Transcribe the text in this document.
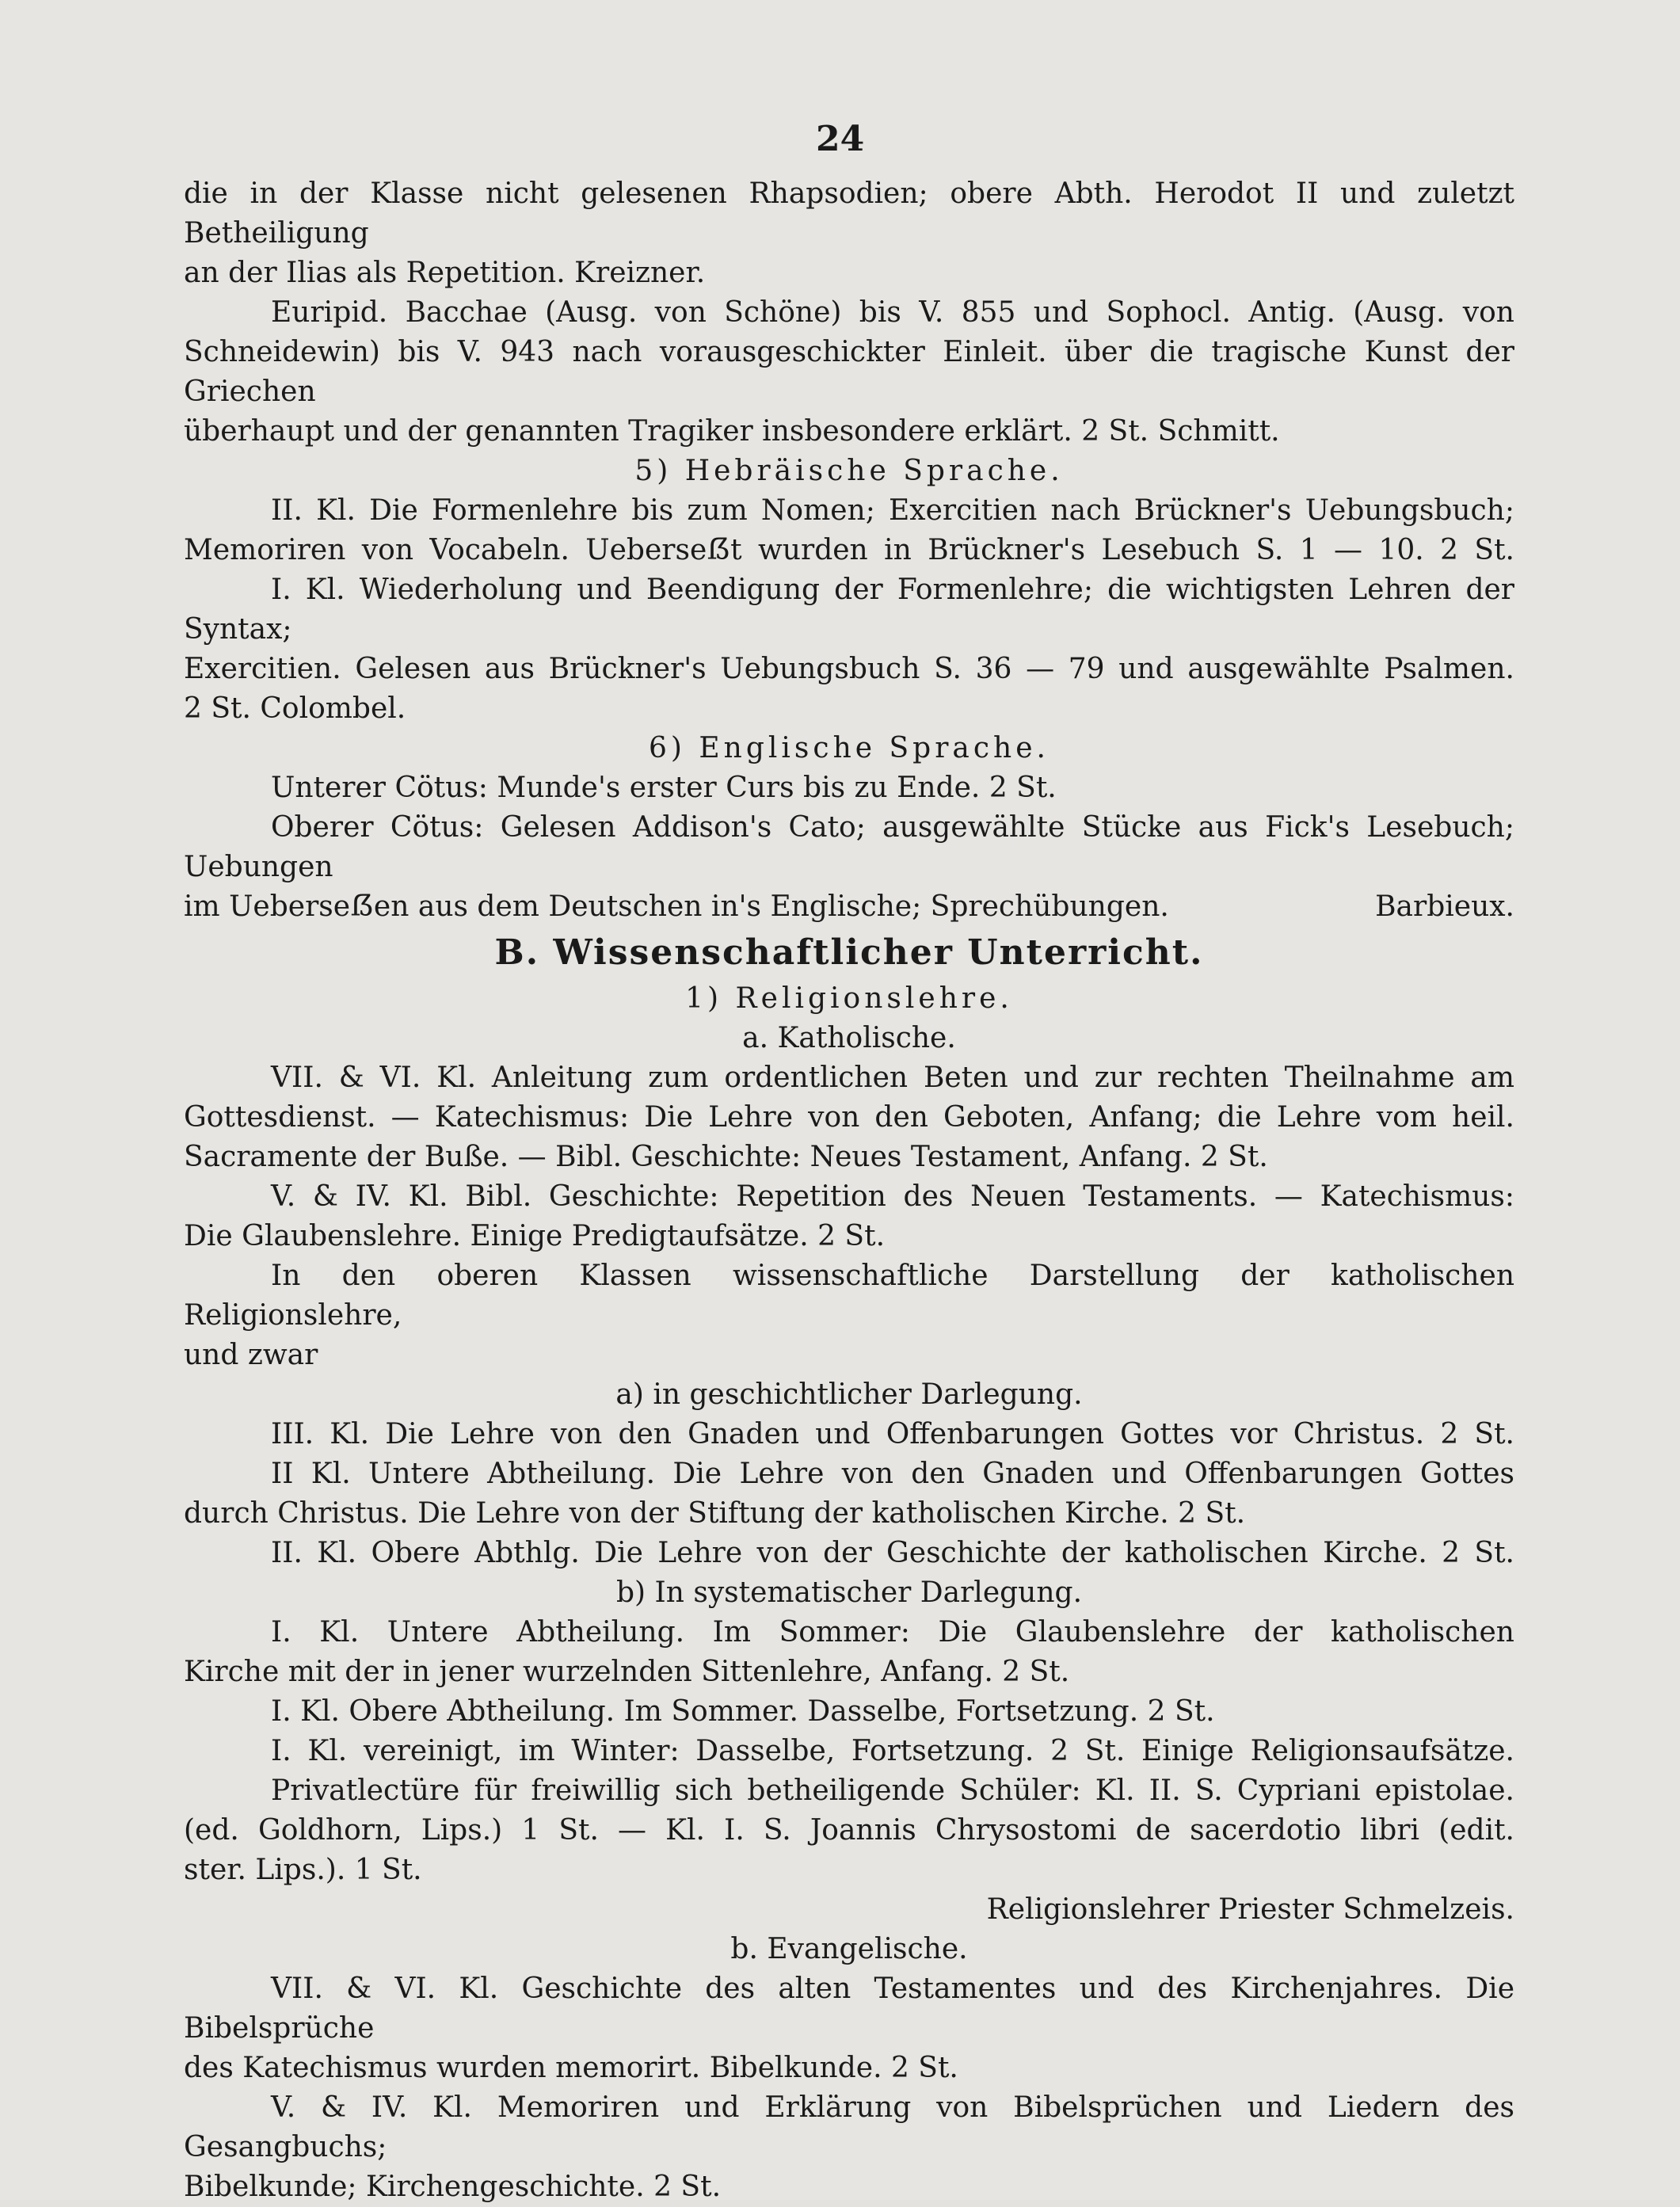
24

die in der Klasse nicht gelesenen Rhapsodien; obere Abth. Herodot II und zuletzt Betheiligung

an der Ilias als Repetition. Kreizner.

Euripid. Bacchae (Ausg. von Schöne) bis V. 855 und Sophocl. Antig. (Ausg. von

Schneidewin) bis V. 943 nach vorausgeschickter Einleit. über die tragische Kunst der Griechen

überhaupt und der genannten Tragiker insbesondere erklärt. 2 St. Schmitt.

5) Hebräische Sprache.

II. Kl. Die Formenlehre bis zum Nomen; Exercitien nach Brückner's Uebungsbuch;

Memoriren von Vocabeln. Ueberseẞt wurden in Brückner's Lesebuch S. 1 — 10. 2 St.

I. Kl. Wiederholung und Beendigung der Formenlehre; die wichtigsten Lehren der Syntax;

Exercitien. Gelesen aus Brückner's Uebungsbuch S. 36 — 79 und ausgewählte Psalmen.

2 St. Colombel.

6) Englische Sprache.

Unterer Cötus: Munde's erster Curs bis zu Ende. 2 St.

Oberer Cötus: Gelesen Addison's Cato; ausgewählte Stücke aus Fick's Lesebuch; Uebungen

im Ueberseẞen aus dem Deutschen in's Englische; Sprechübungen.	Barbieux.

B. Wissenschaftlicher Unterricht.

1) Religionslehre.

a. Katholische.

VII. & VI. Kl. Anleitung zum ordentlichen Beten und zur rechten Theilnahme am

Gottesdienst. — Katechismus: Die Lehre von den Geboten, Anfang; die Lehre vom heil.

Sacramente der Buße. — Bibl. Geschichte: Neues Testament, Anfang. 2 St.

V. & IV. Kl. Bibl. Geschichte: Repetition des Neuen Testaments. — Katechismus:

Die Glaubenslehre. Einige Predigtaufsätze. 2 St.

In den oberen Klassen wissenschaftliche Darstellung der katholischen Religionslehre,

und zwar

a) in geschichtlicher Darlegung.

III. Kl. Die Lehre von den Gnaden und Offenbarungen Gottes vor Christus. 2 St.

II Kl. Untere Abtheilung. Die Lehre von den Gnaden und Offenbarungen Gottes

durch Christus. Die Lehre von der Stiftung der katholischen Kirche. 2 St.

II. Kl. Obere Abthlg. Die Lehre von der Geschichte der katholischen Kirche. 2 St.

b) In systematischer Darlegung.

I. Kl. Untere Abtheilung. Im Sommer: Die Glaubenslehre der katholischen

Kirche mit der in jener wurzelnden Sittenlehre, Anfang. 2 St.

I. Kl. Obere Abtheilung. Im Sommer. Dasselbe, Fortsetzung. 2 St.

I. Kl. vereinigt, im Winter: Dasselbe, Fortsetzung. 2 St. Einige Religionsaufsätze.

Privatlectüre für freiwillig sich betheiligende Schüler: Kl. II. S. Cypriani epistolae.

(ed. Goldhorn, Lips.) 1 St. — Kl. I. S. Joannis Chrysostomi de sacerdotio libri (edit.

ster. Lips.). 1 St.

Religionslehrer Priester Schmelzeis.

b. Evangelische.

VII. & VI. Kl. Geschichte des alten Testamentes und des Kirchenjahres. Die Bibelsprüche

des Katechismus wurden memorirt. Bibelkunde. 2 St.

V. & IV. Kl. Memoriren und Erklärung von Bibelsprüchen und Liedern des Gesangbuchs;

Bibelkunde; Kirchengeschichte. 2 St.
